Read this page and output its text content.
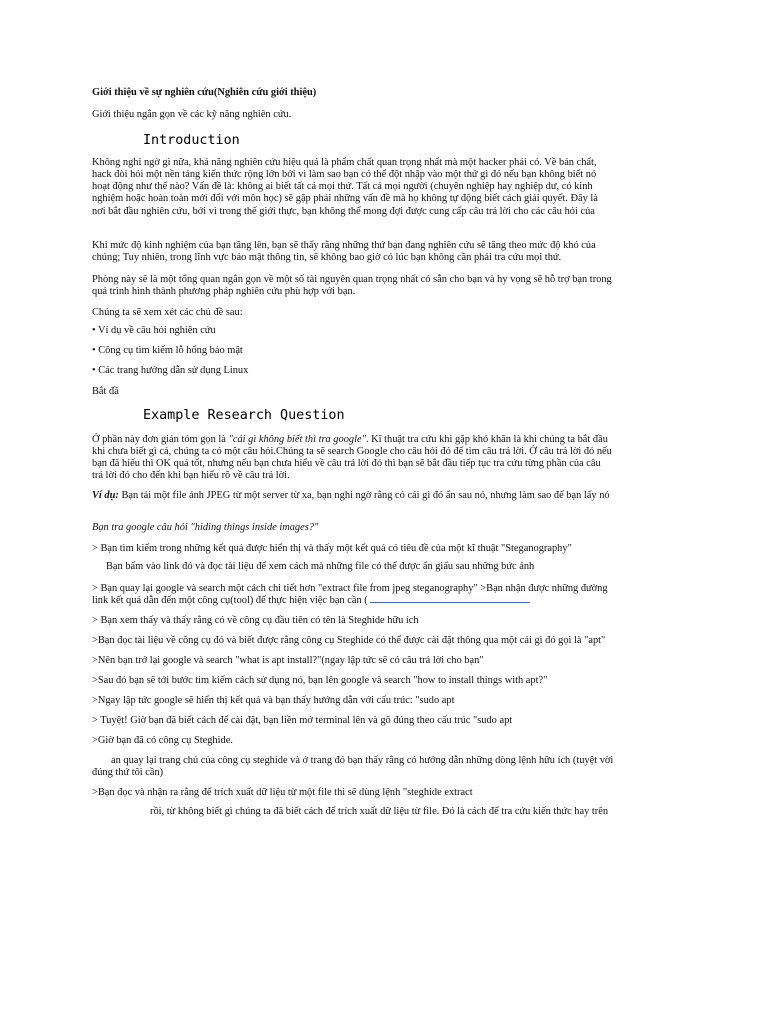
Giới thiệu về sự nghiên cứu(Nghiên cứu giới thiệu)
Giới thiệu ngắn gọn về các kỹ năng nghiên cứu.
Introduction
Không nghi ngờ gì nữa, khả năng nghiên cứu hiệu quả là phẩm chất quan trọng nhất mà một hacker phải có. Về bản chất,
hack đòi hỏi một nền tảng kiến thức rộng lớn bởi vì làm sao bạn có thể đột nhập vào một thứ gì đó nếu bạn không biết nó
hoạt động như thế nào? Vấn đề là: không ai biết tất cả mọi thứ. Tất cả mọi người (chuyên nghiệp hay nghiệp dư, có kinh
nghiệm hoặc hoàn toàn mới đối với môn học) sẽ gặp phải những vấn đề mà họ không tự động biết cách giải quyết. Đây là
nơi bắt đầu nghiên cứu, bởi vì trong thế giới thực, bạn không thể mong đợi được cung cấp câu trả lời cho các câu hỏi của
Khi mức độ kinh nghiệm của bạn tăng lên, bạn sẽ thấy rằng những thứ bạn đang nghiên cứu sẽ tăng theo mức độ khó của
chúng; Tuy nhiên, trong lĩnh vực bảo mật thông tin, sẽ không bao giờ có lúc bạn không cần phải tra cứu mọi thứ.
Phòng này sẽ là một tổng quan ngắn gọn về một số tài nguyên quan trọng nhất có sẵn cho bạn và hy vọng sẽ hỗ trợ bạn trong
quá trình hình thành phương pháp nghiên cứu phù hợp với bạn.
Chúng ta sẽ xem xét các chủ đề sau:
• Ví dụ về câu hỏi nghiên cứu
• Công cụ tìm kiếm lỗ hổng bảo mật
• Các trang hướng dẫn sử dụng Linux
Bắt đầ
Example Research Question
Ở phần này đơn giản tóm gọn là "cái gì không biết thì tra google". Kĩ thuật tra cứu khi gặp khó khăn là khi chúng ta bắt đầu
khi chưa biết gì cả, chúng ta có một câu hỏi.Chúng ta sẽ search Google cho câu hỏi đó để tìm câu trả lời. Ở câu trả lời đó nếu
bạn đã hiểu thì OK quá tốt, nhưng nếu bạn chưa hiểu về câu trả lời đó thì bạn sẽ bắt đầu tiếp tục tra cứu từng phần của câu
trả lời đó cho đến khi bạn hiểu rõ về câu trả lời.
Ví dụ: Bạn tải một file ảnh JPEG từ một server từ xa, bạn nghi ngờ rằng có cái gì đó ẩn sau nó, nhưng làm sao để bạn lấy nó
Bạn tra google câu hỏi "hiding things inside images?"
> Bạn tìm kiếm trong những kết quả được hiển thị và thấy một kết quả có tiêu đề của một kĩ thuật "Steganography"
Bạn bấm vào link đó và đọc tài liệu để xem cách mà những file có thể được ẩn giấu sau những bức ảnh
> Bạn quay lại google và search một cách chi tiết hơn "extract file from jpeg steganography" >Bạn nhận được những đường
link kết quả dẫn đến một công cụ(tool) để thực hiện việc bạn cần (
> Bạn xem thấy và thấy rằng có về công cụ đầu tiên có tên là Steghide hữu ích
>Bạn đọc tài liệu về công cụ đó và biết được rằng công cụ Steghide có thể được cài đặt thông qua một cái gì đó gọi là "apt"
>Nên bạn trở lại google và search "what is apt install?"(ngay lập tức sẽ có câu trả lời cho bạn"
>Sau đó bạn sẽ tới bước tìm kiếm cách sử dụng nó, bạn lên google và search "how to install things with apt?"
>Ngay lập tức google sẽ hiển thị kết quả và bạn thấy hướng dẫn với cấu trúc: "sudo apt
> Tuyệt! Giờ bạn đã biết cách để cài đặt, bạn liền mở terminal lên và gõ đúng theo cấu trúc "sudo apt
>Giờ bạn đã có công cụ Steghide.
an quay lại trang chủ của công cụ steghide và ở trang đó bạn thấy rằng có hướng dẫn những dòng lệnh hữu ích (tuyệt vời
đúng thứ tôi cần)
>Bạn đọc và nhận ra rằng để trích xuất dữ liệu từ một file thì sẽ dùng lệnh "steghide extract
rồi, từ không biết gì chúng ta đã biết cách để trích xuất dữ liệu từ file. Đó là cách để tra cứu kiến thức hay trên
